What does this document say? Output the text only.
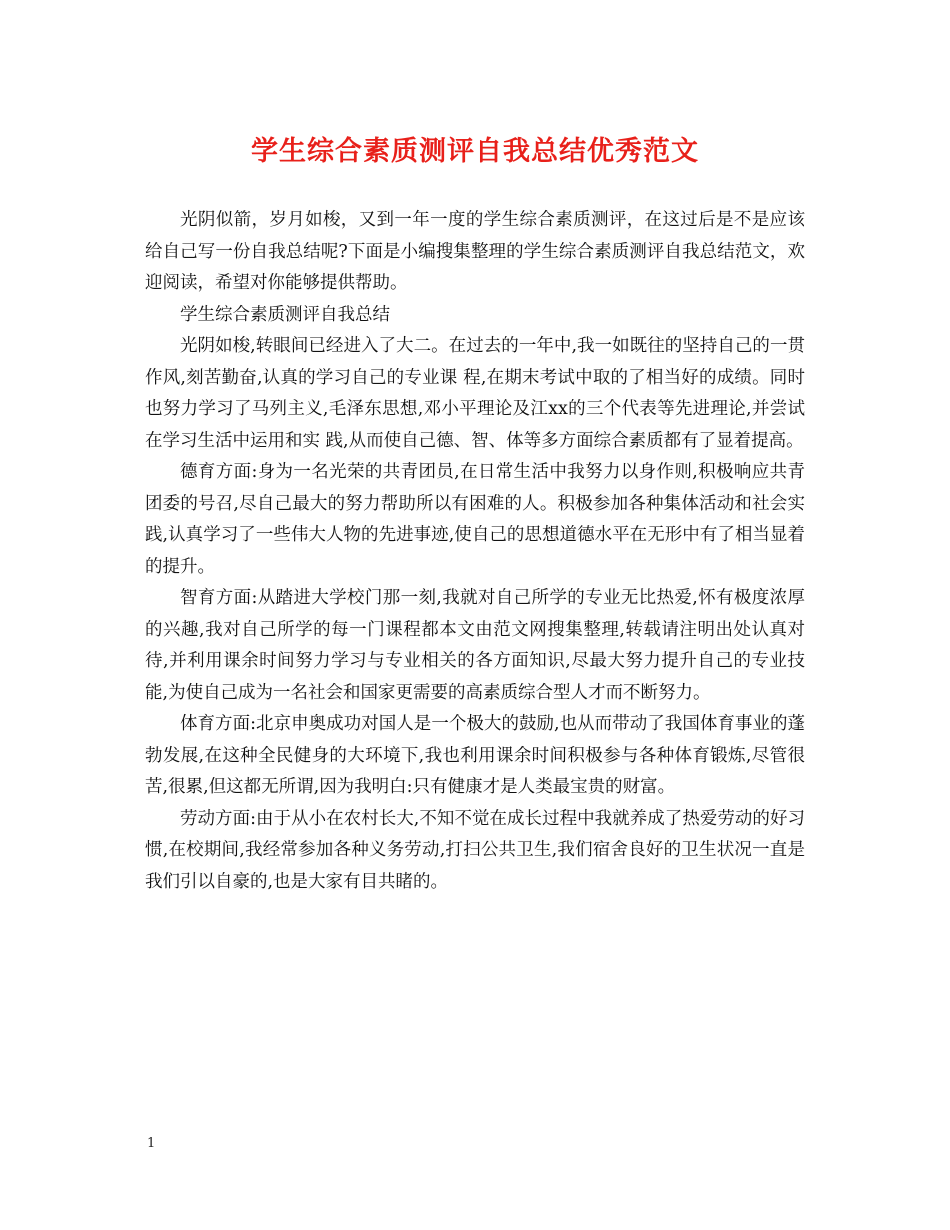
学生综合素质测评自我总结优秀范文

光阴似箭，岁月如梭，又到一年一度的学生综合素质测评，在这过后是不是应该给自己写一份自我总结呢?下面是小编搜集整理的学生综合素质测评自我总结范文，欢迎阅读，希望对你能够提供帮助。

学生综合素质测评自我总结

光阴如梭,转眼间已经进入了大二。在过去的一年中,我一如既往的坚持自己的一贯作风,刻苦勤奋,认真的学习自己的专业课 程,在期末考试中取的了相当好的成绩。同时也努力学习了马列主义,毛泽东思想,邓小平理论及江xx的三个代表等先进理论,并尝试在学习生活中运用和实 践,从而使自己德、智、体等多方面综合素质都有了显着提高。

德育方面:身为一名光荣的共青团员,在日常生活中我努力以身作则,积极响应共青团委的号召,尽自己最大的努力帮助所以有困难的人。积极参加各种集体活动和社会实践,认真学习了一些伟大人物的先进事迹,使自己的思想道德水平在无形中有了相当显着的提升。

智育方面:从踏进大学校门那一刻,我就对自己所学的专业无比热爱,怀有极度浓厚的兴趣,我对自己所学的每一门课程都本文由范文网搜集整理,转载请注明出处认真对待,并利用课余时间努力学习与专业相关的各方面知识,尽最大努力提升自己的专业技能,为使自己成为一名社会和国家更需要的高素质综合型人才而不断努力。

体育方面:北京申奥成功对国人是一个极大的鼓励,也从而带动了我国体育事业的蓬勃发展,在这种全民健身的大环境下,我也利用课余时间积极参与各种体育锻炼,尽管很苦,很累,但这都无所谓,因为我明白:只有健康才是人类最宝贵的财富。

劳动方面:由于从小在农村长大,不知不觉在成长过程中我就养成了热爱劳动的好习惯,在校期间,我经常参加各种义务劳动,打扫公共卫生,我们宿舍良好的卫生状况一直是我们引以自豪的,也是大家有目共睹的。

1
